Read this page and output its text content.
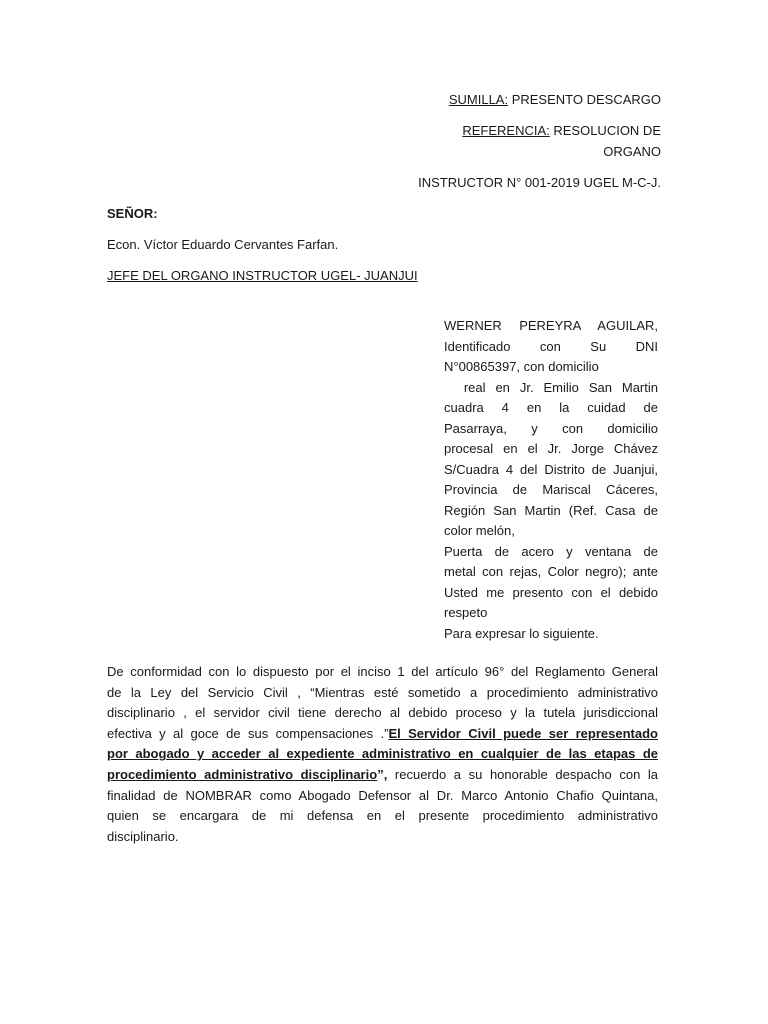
SUMILLA: PRESENTO DESCARGO
REFERENCIA: RESOLUCION DE
ORGANO
INSTRUCTOR N° 001-2019 UGEL M-C-J.
SEÑOR:
Econ. Víctor Eduardo Cervantes Farfan.
JEFE DEL ORGANO INSTRUCTOR UGEL- JUANJUI
WERNER PEREYRA AGUILAR,
Identificado con Su DNI
N°00865397, con domicilio
real en Jr. Emilio San Martin
cuadra 4 en la cuidad de
Pasarraya, y con domicilio
procesal en el Jr. Jorge Chávez
S/Cuadra 4 del Distrito de Juanjui,
Provincia de Mariscal Cáceres,
Región San Martin (Ref. Casa de
color melón,
Puerta de acero y ventana de
metal con rejas, Color negro); ante
Usted me presento con el debido
respeto
Para expresar lo siguiente.
De conformidad con lo dispuesto por el inciso 1 del artículo 96° del Reglamento General
de la Ley del Servicio Civil , “Mientras esté sometido a procedimiento administrativo
disciplinario , el servidor civil tiene derecho al debido proceso y la tutela jurisdiccional
efectiva y al goce de sus compensaciones .”El Servidor Civil puede ser representado
por abogado y acceder al expediente administrativo en cualquier de las etapas de
procedimiento administrativo disciplinario”, recuerdo a su honorable despacho con la
finalidad de NOMBRAR como Abogado Defensor al Dr. Marco Antonio Chafio Quintana,
quien se encargara de mi defensa en el presente procedimiento administrativo
disciplinario.
